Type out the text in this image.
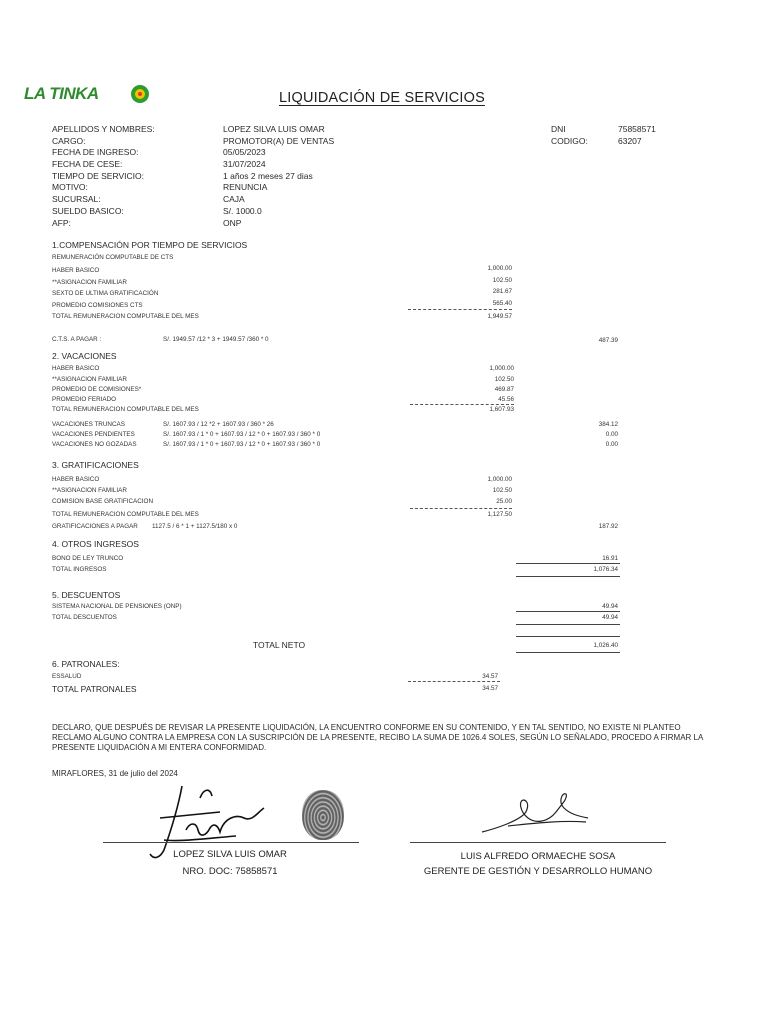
LA TINKA	LIQUIDACIÓN DE SERVICIOS
APELLIDOS Y NOMBRES:	LOPEZ SILVA LUIS OMAR
CARGO:	PROMOTOR(A) DE VENTAS
FECHA DE INGRESO:	05/05/2023
FECHA DE CESE:	31/07/2024
TIEMPO DE SERVICIO:	1 años 2 meses 27 dias
MOTIVO:	RENUNCIA
SUCURSAL:	CAJA
SUELDO BASICO:	S/. 1000.0
AFP:	ONP
DNI	75858571
CODIGO:	63207
1.COMPENSACIÓN POR TIEMPO DE SERVICIOS
REMUNERACIÓN COMPUTABLE DE CTS
HABER BASICO	1,000.00
**ASIGNACION FAMILIAR	102.50
SEXTO DE ULTIMA GRATIFICACIÓN	281.67
PROMEDIO COMISIONES CTS	565.40
TOTAL REMUNERACION COMPUTABLE DEL MES	1,949.57
C.T.S. A PAGAR :	S/. 1949.57 /12 * 3 + 1949.57 /360 * 0	487.39
2. VACACIONES
HABER BASICO	1,000.00
**ASIGNACION FAMILIAR	102.50
PROMEDIO DE COMISIONES*	469.87
PROMEDIO FERIADO	45.56
TOTAL REMUNERACION COMPUTABLE DEL MES	1,607.93
VACACIONES TRUNCAS	S/. 1607.93 / 12 *2 + 1607.93 / 360 * 26	384.12
VACACIONES PENDIENTES	S/. 1607.93 / 1 * 0 + 1607.93 / 12 * 0 + 1607.93 / 360 * 0	0.00
VACACIONES NO GOZADAS	S/. 1607.93 / 1 * 0 + 1607.93 / 12 * 0 + 1607.93 / 360 * 0	0.00
3. GRATIFICACIONES
HABER BASICO	1,000.00
**ASIGNACION FAMILIAR	102.50
COMISION BASE GRATIFICACION	25.00
TOTAL REMUNERACION COMPUTABLE DEL MES	1,127.50
GRATIFICACIONES A PAGAR 1127.5 / 6 * 1 + 1127.5/180 x 0	187.92
4. OTROS INGRESOS
BONO DE LEY TRUNCO	16.91
TOTAL INGRESOS	1,076.34
5. DESCUENTOS
SISTEMA NACIONAL DE PENSIONES (ONP)	49.94
TOTAL DESCUENTOS	49.94
TOTAL NETO	1,026.40
6. PATRONALES:
ESSALUD	34.57
TOTAL PATRONALES	34.57
DECLARO, QUE DESPUÉS DE REVISAR LA PRESENTE LIQUIDACIÓN, LA ENCUENTRO CONFORME EN SU CONTENIDO, Y EN TAL SENTIDO, NO EXISTE NI PLANTEO RECLAMO ALGUNO CONTRA LA EMPRESA CON LA SUSCRIPCIÓN DE LA PRESENTE, RECIBO LA SUMA DE 1026.4 SOLES, SEGÚN LO SEÑALADO, PROCEDO A FIRMAR LA PRESENTE LIQUIDACIÓN A MI ENTERA CONFORMIDAD.
MIRAFLORES, 31 de julio del 2024
LOPEZ SILVA LUIS OMAR
NRO. DOC: 75858571
LUIS ALFREDO ORMAECHE SOSA
GERENTE DE GESTIÓN Y DESARROLLO HUMANO
